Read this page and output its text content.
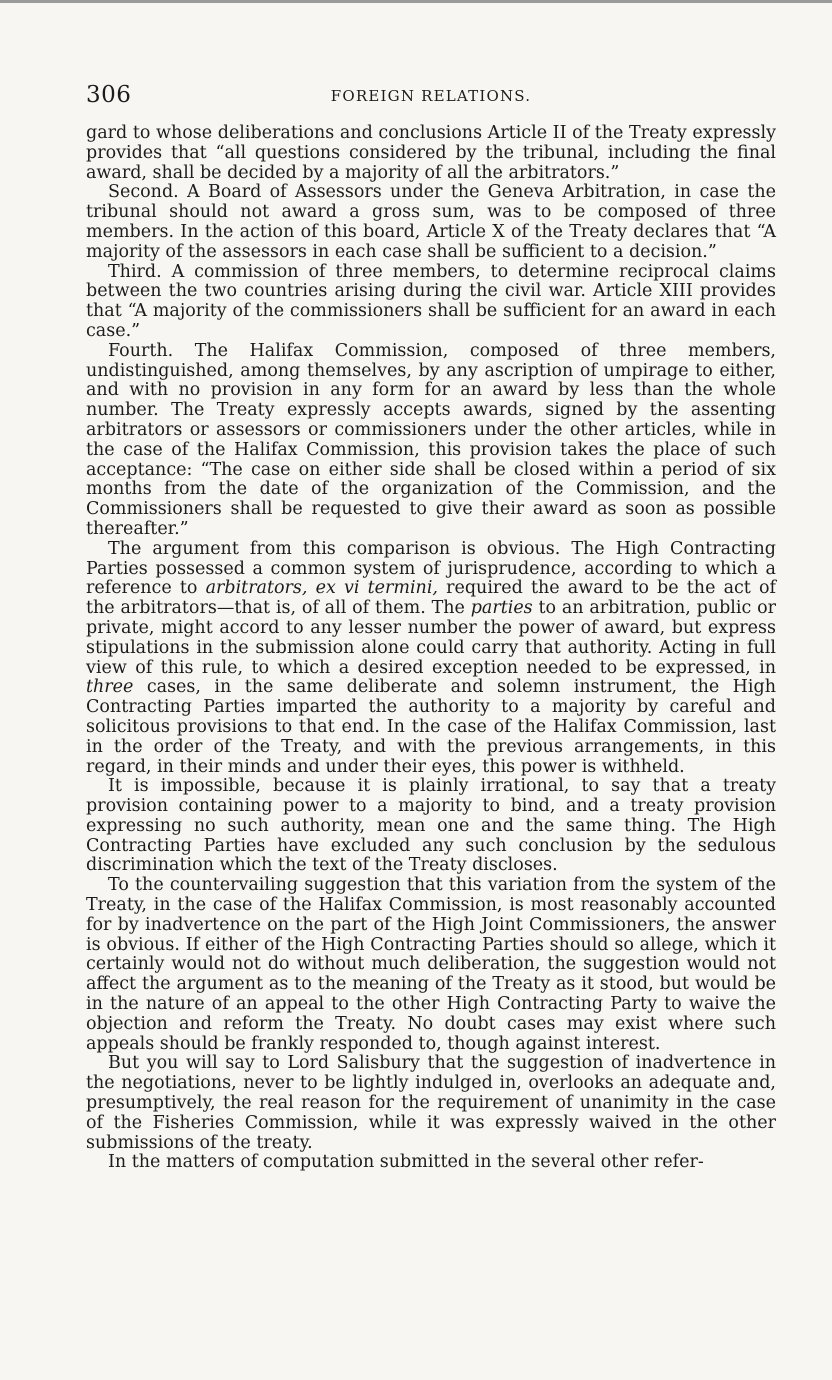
306	FOREIGN RELATIONS.

gard to whose deliberations and conclusions Article II of the Treaty expressly provides that “all questions considered by the tribunal, including the final award, shall be decided by a majority of all the arbitrators.”

Second. A Board of Assessors under the Geneva Arbitration, in case the tribunal should not award a gross sum, was to be composed of three members. In the action of this board, Article X of the Treaty declares that “A majority of the assessors in each case shall be sufficient to a decision.”

Third. A commission of three members, to determine reciprocal claims between the two countries arising during the civil war. Article XIII provides that “A majority of the commissioners shall be sufficient for an award in each case.”

Fourth. The Halifax Commission, composed of three members, undistinguished, among themselves, by any ascription of umpirage to either, and with no provision in any form for an award by less than the whole number. The Treaty expressly accepts awards, signed by the assenting arbitrators or assessors or commissioners under the other articles, while in the case of the Halifax Commission, this provision takes the place of such acceptance: “The case on either side shall be closed within a period of six months from the date of the organization of the Commission, and the Commissioners shall be requested to give their award as soon as possible thereafter.”

The argument from this comparison is obvious. The High Contracting Parties possessed a common system of jurisprudence, according to which a reference to arbitrators, ex vi termini, required the award to be the act of the arbitrators—that is, of all of them. The parties to an arbitration, public or private, might accord to any lesser number the power of award, but express stipulations in the submission alone could carry that authority. Acting in full view of this rule, to which a desired exception needed to be expressed, in three cases, in the same deliberate and solemn instrument, the High Contracting Parties imparted the authority to a majority by careful and solicitous provisions to that end. In the case of the Halifax Commission, last in the order of the Treaty, and with the previous arrangements, in this regard, in their minds and under their eyes, this power is withheld.

It is impossible, because it is plainly irrational, to say that a treaty provision containing power to a majority to bind, and a treaty provision expressing no such authority, mean one and the same thing. The High Contracting Parties have excluded any such conclusion by the sedulous discrimination which the text of the Treaty discloses.

To the countervailing suggestion that this variation from the system of the Treaty, in the case of the Halifax Commission, is most reasonably accounted for by inadvertence on the part of the High Joint Commissioners, the answer is obvious. If either of the High Contracting Parties should so allege, which it certainly would not do without much deliberation, the suggestion would not affect the argument as to the meaning of the Treaty as it stood, but would be in the nature of an appeal to the other High Contracting Party to waive the objection and reform the Treaty. No doubt cases may exist where such appeals should be frankly responded to, though against interest.

But you will say to Lord Salisbury that the suggestion of inadvertence in the negotiations, never to be lightly indulged in, overlooks an adequate and, presumptively, the real reason for the requirement of unanimity in the case of the Fisheries Commission, while it was expressly waived in the other submissions of the treaty.

In the matters of computation submitted in the several other refer-
